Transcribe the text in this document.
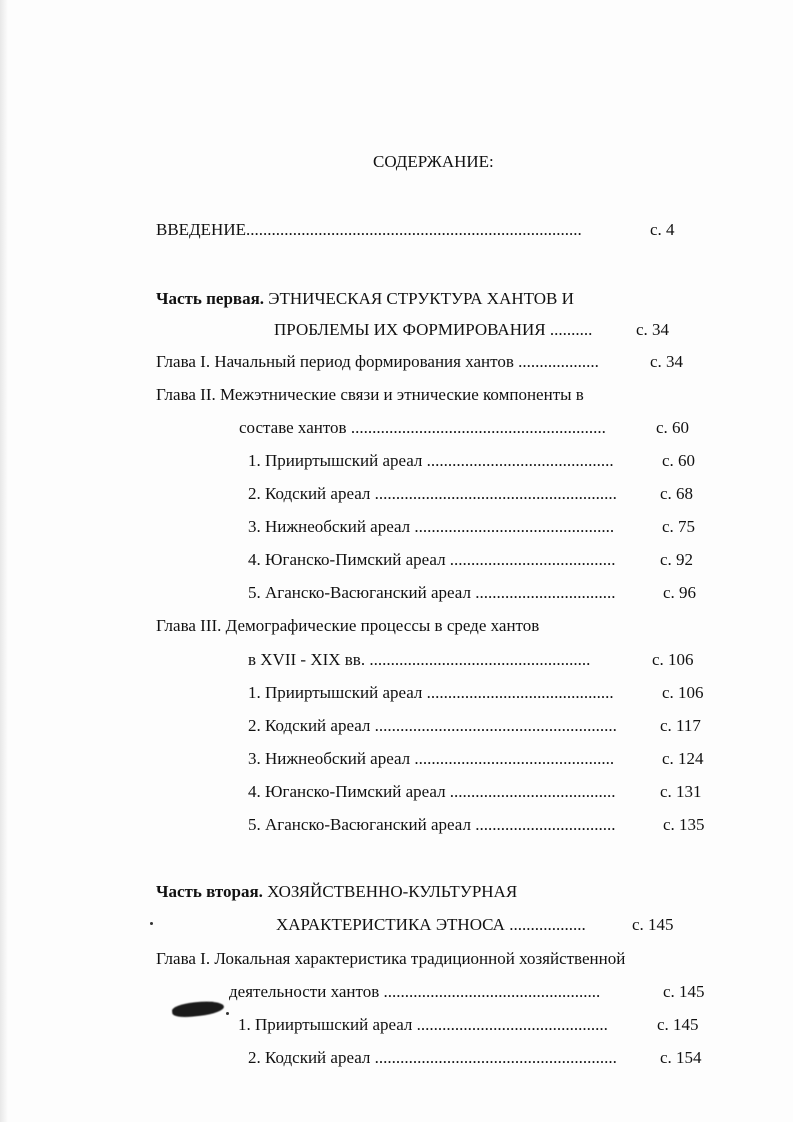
СОДЕРЖАНИЕ:
ВВЕДЕНИЕ...............................................................................	с. 4
Часть первая. ЭТНИЧЕСКАЯ СТРУКТУРА ХАНТОВ И
ПРОБЛЕМЫ ИХ ФОРМИРОВАНИЯ ..........	с. 34
Глава I. Начальный период формирования хантов ...................	с. 34
Глава II. Межэтнические связи и этнические компоненты в
составе хантов ............................................................	с. 60
1. Прииртышский ареал ............................................	с. 60
2. Кодский ареал .........................................................	с. 68
3. Нижнеобский ареал ...............................................	с. 75
4. Юганско-Пимский ареал .......................................	с. 92
5. Аганско-Васюганский ареал .................................	с. 96
Глава III. Демографические процессы в среде хантов
в XVII - XIX вв. ....................................................	с. 106
1. Прииртышский ареал ............................................	с. 106
2. Кодский ареал .........................................................	с. 117
3. Нижнеобский ареал ...............................................	с. 124
4. Юганско-Пимский ареал .......................................	с. 131
5. Аганско-Васюганский ареал .................................	с. 135
Часть вторая. ХОЗЯЙСТВЕННО-КУЛЬТУРНАЯ
ХАРАКТЕРИСТИКА ЭТНОСА ..................	с. 145
Глава I. Локальная характеристика традиционной хозяйственной
деятельности хантов ...................................................	с. 145
1. Прииртышский ареал .............................................	с. 145
2. Кодский ареал .........................................................	с. 154
